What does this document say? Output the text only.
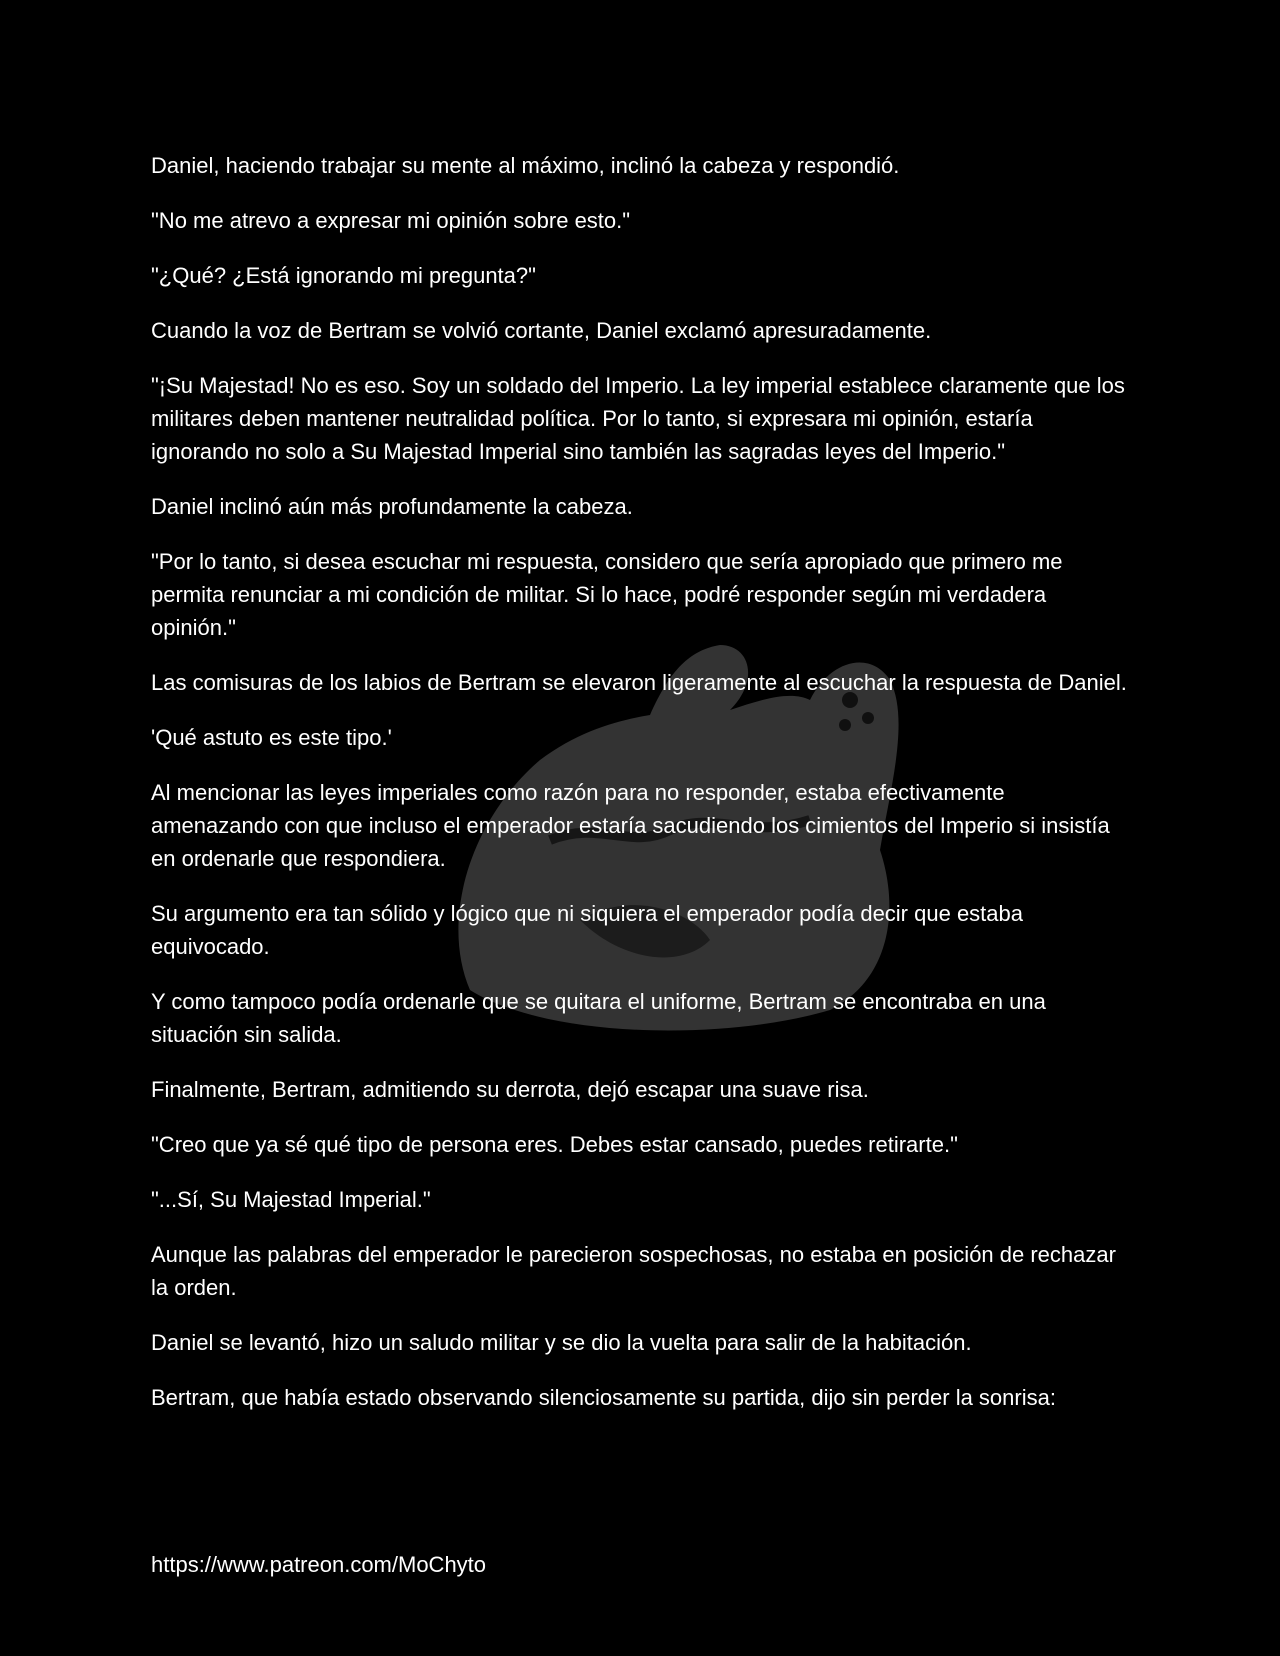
Daniel, haciendo trabajar su mente al máximo, inclinó la cabeza y respondió.

"No me atrevo a expresar mi opinión sobre esto."

"¿Qué? ¿Está ignorando mi pregunta?"

Cuando la voz de Bertram se volvió cortante, Daniel exclamó apresuradamente.

"¡Su Majestad! No es eso. Soy un soldado del Imperio. La ley imperial establece claramente que los militares deben mantener neutralidad política. Por lo tanto, si expresara mi opinión, estaría ignorando no solo a Su Majestad Imperial sino también las sagradas leyes del Imperio."

Daniel inclinó aún más profundamente la cabeza.

"Por lo tanto, si desea escuchar mi respuesta, considero que sería apropiado que primero me permita renunciar a mi condición de militar. Si lo hace, podré responder según mi verdadera opinión."

Las comisuras de los labios de Bertram se elevaron ligeramente al escuchar la respuesta de Daniel.

'Qué astuto es este tipo.'

Al mencionar las leyes imperiales como razón para no responder, estaba efectivamente amenazando con que incluso el emperador estaría sacudiendo los cimientos del Imperio si insistía en ordenarle que respondiera.

Su argumento era tan sólido y lógico que ni siquiera el emperador podía decir que estaba equivocado.

Y como tampoco podía ordenarle que se quitara el uniforme, Bertram se encontraba en una situación sin salida.

Finalmente, Bertram, admitiendo su derrota, dejó escapar una suave risa.

"Creo que ya sé qué tipo de persona eres. Debes estar cansado, puedes retirarte."

"...Sí, Su Majestad Imperial."

Aunque las palabras del emperador le parecieron sospechosas, no estaba en posición de rechazar la orden.

Daniel se levantó, hizo un saludo militar y se dio la vuelta para salir de la habitación.

Bertram, que había estado observando silenciosamente su partida, dijo sin perder la sonrisa:

https://www.patreon.com/MoChyto
